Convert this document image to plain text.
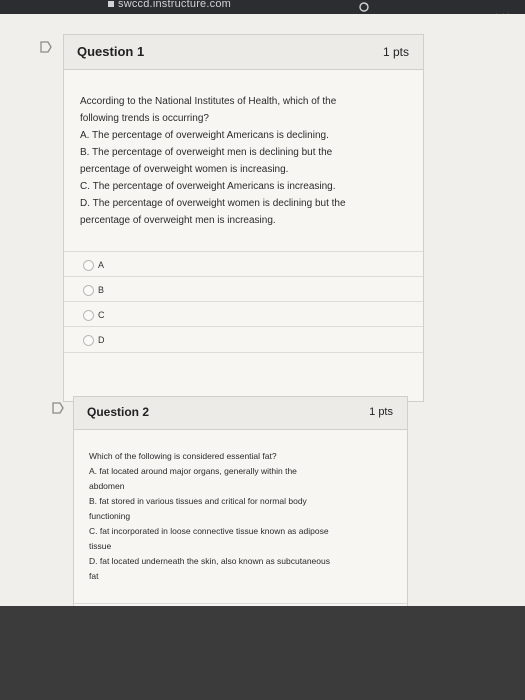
swccd.instructure.com
Question 1	1 pts
According to the National Institutes of Health, which of the
following trends is occurring?
A. The percentage of overweight Americans is declining.
B. The percentage of overweight men is declining but the
percentage of overweight women is increasing.
C. The percentage of overweight Americans is increasing.
D. The percentage of overweight women is declining but the
percentage of overweight men is increasing.
A
B
C
D
Question 2	1 pts
Which of the following is considered essential fat?
A. fat located around major organs, generally within the
abdomen
B. fat stored in various tissues and critical for normal body
functioning
C. fat incorporated in loose connective tissue known as adipose
tissue
D. fat located underneath the skin, also known as subcutaneous
fat
